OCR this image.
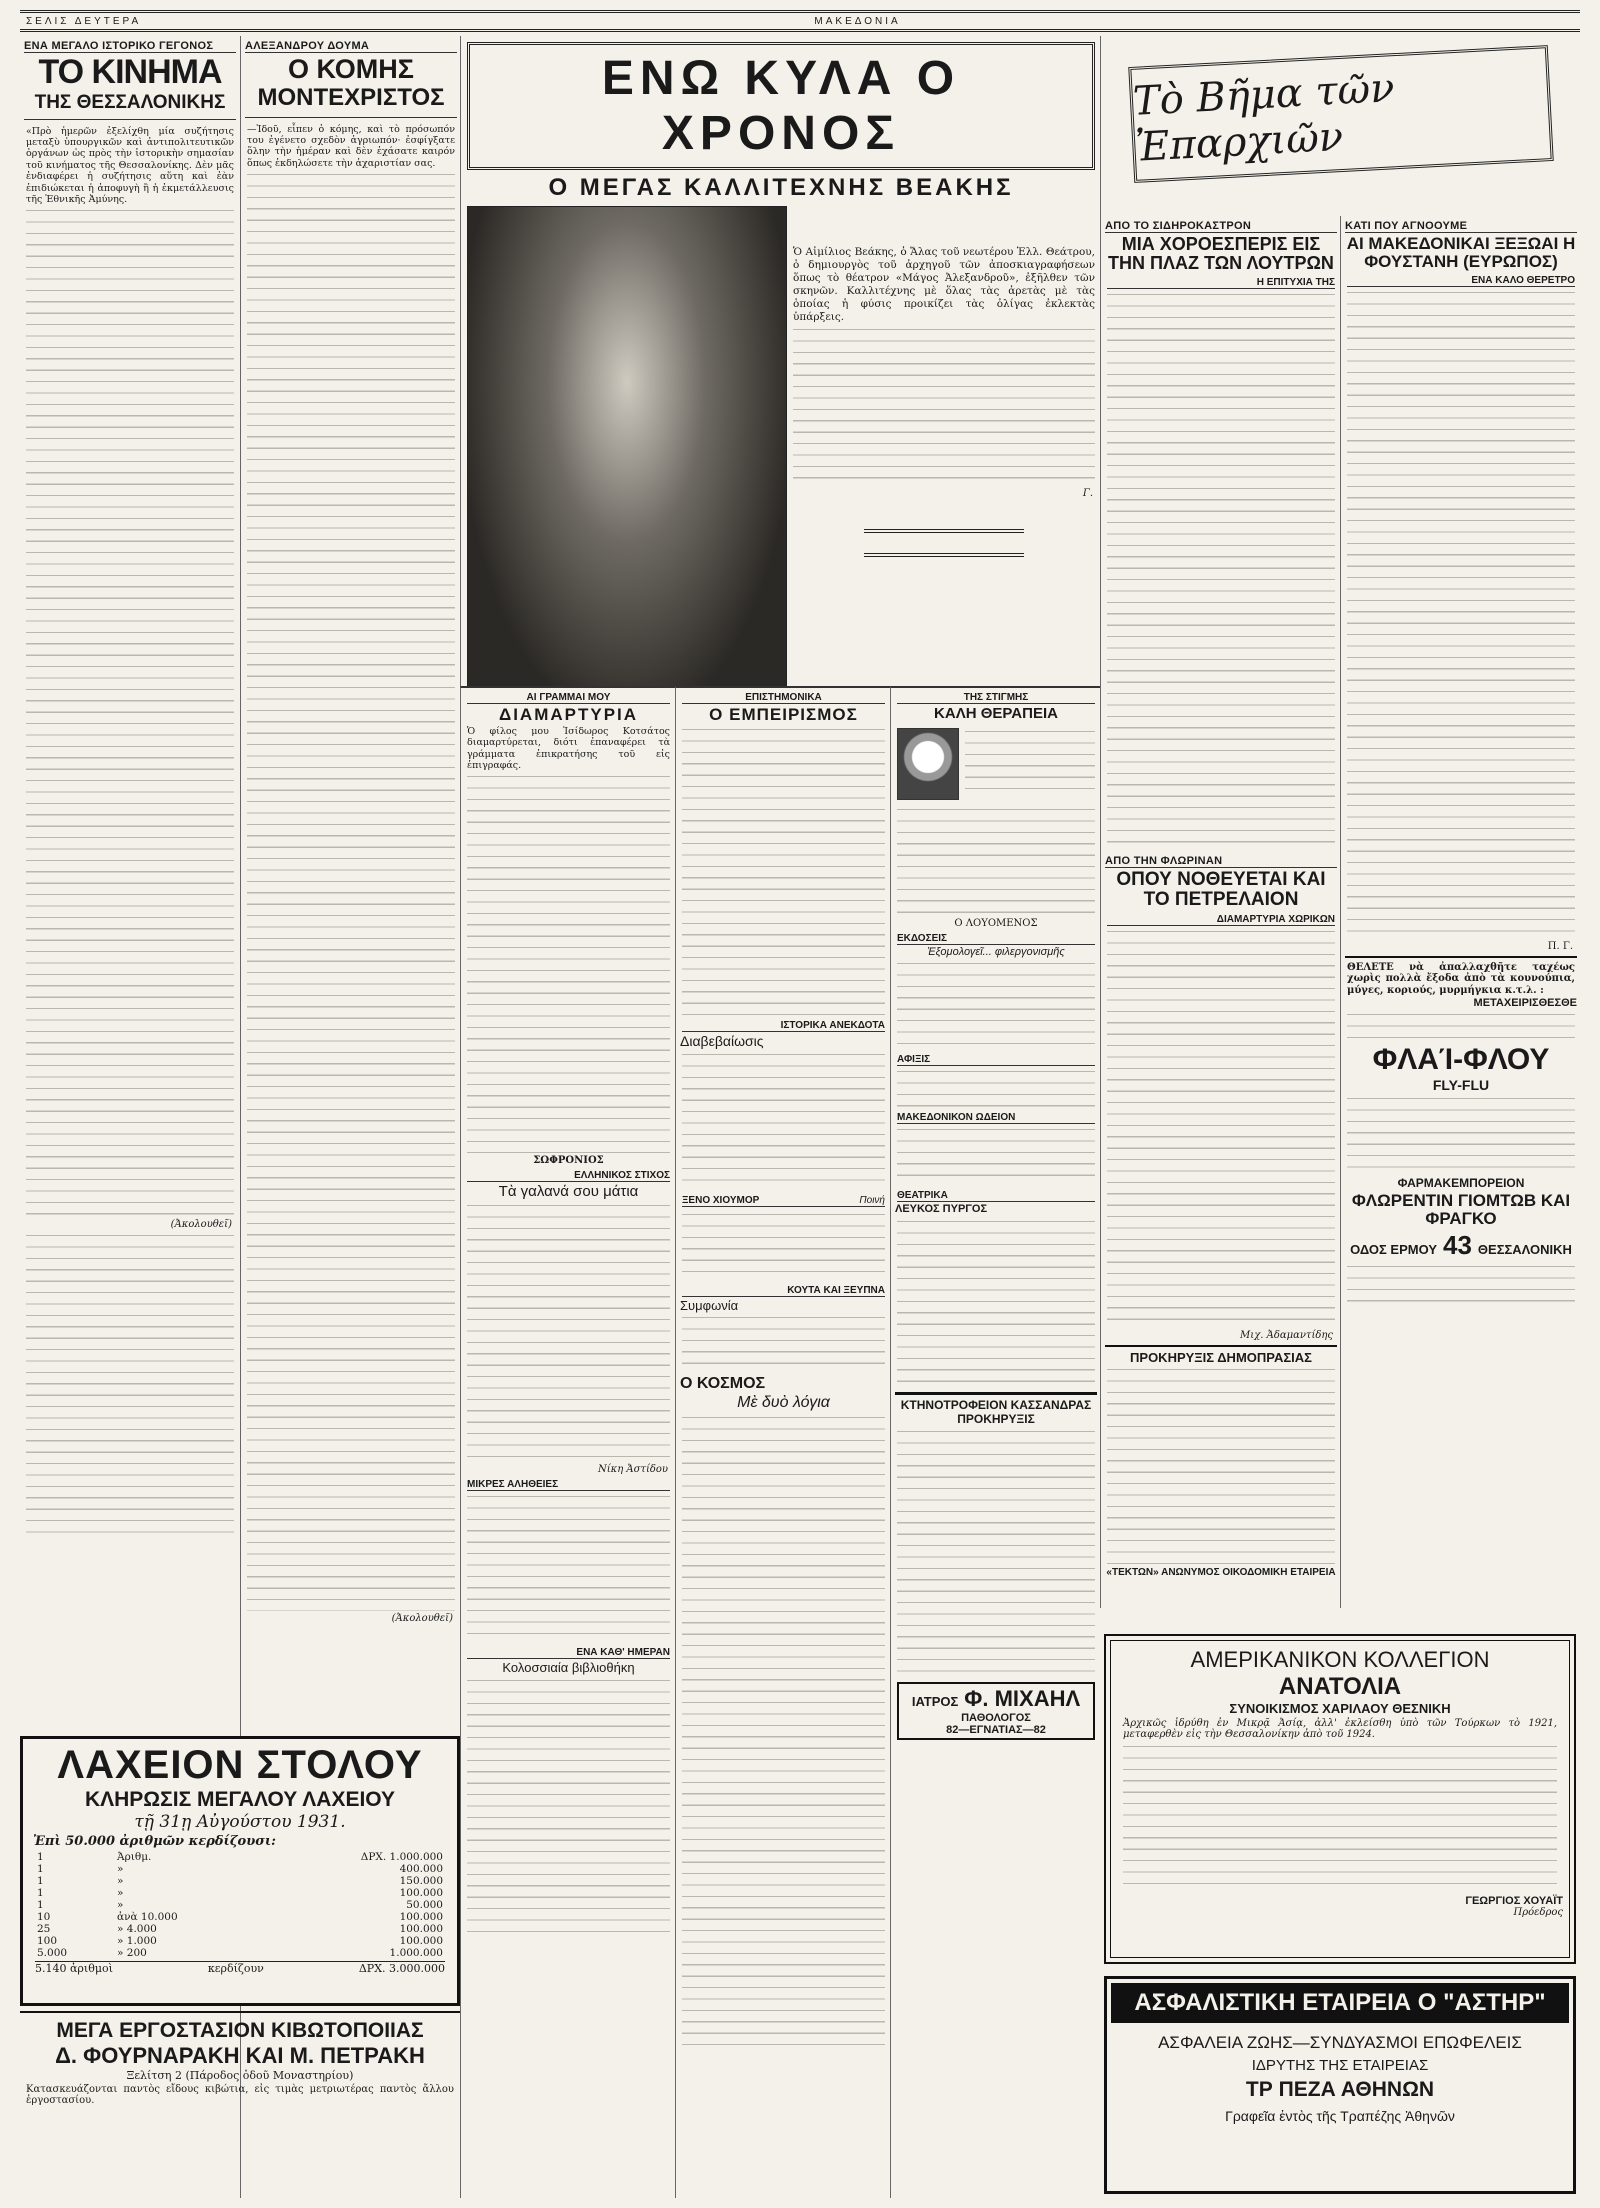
ΣΕΛΙΣ ΔΕΥΤΕΡΑ	ΜΑΚΕΔΟΝΙΑ
ΕΝΑ ΜΕΓΑΛΟ ΙΣΤΟΡΙΚΟ ΓΕΓΟΝΟΣ
ΤΟ ΚΙΝΗΜΑ
ΤΗΣ ΘΕΣΣΑΛΟΝΙΚΗΣ
«Πρὸ ἡμερῶν ἐξελίχθη μία συζήτησις μεταξὺ ὑπουργικῶν καὶ ἀντιπολιτευτικῶν ὀργάνων ὡς πρὸς τὴν ἱστορικὴν σημασίαν τοῦ κινήματος τῆς Θεσσαλονίκης. Δὲν μᾶς ἐνδιαφέρει ἡ συζήτησις αὕτη καὶ ἐὰν ἐπιδιώκεται ἡ ἀποφυγὴ ἢ ἡ ἐκμετάλλευσις τῆς Ἐθνικῆς Ἀμύνης.
(Ἀκολουθεῖ)
ΑΛΕΞΑΝΔΡΟΥ ΔΟΥΜΑ
Ο ΚΟΜΗΣ
ΜΟΝΤΕΧΡΙΣΤΟΣ
—Ἰδοῦ, εἶπεν ὁ κόμης, καὶ τὸ πρόσωπόν του ἐγένετο σχεδὸν ἀγριωπόν· ἐσφίγξατε ὅλην τὴν ἡμέραν καὶ δὲν ἐχάσατε καιρόν ὅπως ἐκδηλώσετε τὴν ἀχαριστίαν σας.
(Ἀκολουθεῖ)
ΛΑΧΕΙΟΝ ΣΤΟΛΟΥ
ΚΛΗΡΩΣΙΣ ΜΕΓΑΛΟΥ ΛΑΧΕΙΟΥ
τῇ 31ῃ Αὐγούστου 1931.
Ἐπὶ 50.000 ἀριθμῶν κερδίζουσι:
1	Ἀριθμ.	ΔΡΧ. 1.000.000
1	»	400.000
1	»	150.000
1	»	100.000
1	»	50.000
10	ἀνὰ 10.000	100.000
25	» 4.000	100.000
100	» 1.000	100.000
5.000	» 200	1.000.000
5.140 ἀριθμοὶ	κερδίζουν	ΔΡΧ. 3.000.000
ΜΕΓΑ ΕΡΓΟΣΤΑΣΙΟΝ ΚΙΒΩΤΟΠΟΙΙΑΣ
Δ. ΦΟΥΡΝΑΡΑΚΗ ΚΑΙ Μ. ΠΕΤΡΑΚΗ
Ξελίτση 2 (Πάροδος ὁδοῦ Μοναστηρίου)
Κατασκευάζονται παντὸς εἴδους κιβώτια, εἰς τιμὰς μετριωτέρας παντὸς ἄλλου ἐργοστασίου.
ΕΝΩ ΚΥΛΑ Ο ΧΡΟΝΟΣ
Ο ΜΕΓΑΣ ΚΑΛΛΙΤΕΧΝΗΣ ΒΕΑΚΗΣ
Ὁ Αἰμίλιος Βεάκης, ὁ Ἄλας τοῦ νεωτέρου Ἑλλ. Θεάτρου, ὁ δημιουργὸς τοῦ ἀρχηγοῦ τῶν ἀποσκιαγραφήσεων ὅπως τὸ θέατρον «Μάγος Ἀλεξανδροῦ», ἐξῆλθεν τῶν σκηνῶν. Καλλιτέχνης μὲ ὅλας τὰς ἀρετὰς μὲ τὰς ὁποίας ἡ φύσις προικίζει τὰς ὀλίγας ἐκλεκτὰς ὑπάρξεις.
Γ.
ΑΙ ΓΡΑΜΜΑΙ ΜΟΥ
ΔΙΑΜΑΡΤΥΡΙΑ
Ὁ φίλος μου Ἰσίδωρος Κοτσάτος διαμαρτύρεται, διότι ἐπαναφέρει τὰ γράμματα ἐπικρατήσης τοῦ εἰς ἐπιγραφάς.
ΣΩΦΡΟΝΙΟΣ
ΕΛΛΗΝΙΚΟΣ ΣΤΙΧΟΣ
Τὰ γαλανά σου μάτια
Νίκη Ἀστίδου
ΜΙΚΡΕΣ ΑΛΗΘΕΙΕΣ
ΕΝΑ ΚΑΘ' ΗΜΕΡΑΝ
Κολοσσιαία βιβλιοθήκη
ΕΠΙΣΤΗΜΟΝΙΚΑ
Ο ΕΜΠΕΙΡΙΣΜΟΣ
ΙΣΤΟΡΙΚΑ ΑΝΕΚΔΟΤΑ
Διαβεβαίωσις
ΞΕΝΟ ΧΙΟΥΜΟΡ	Ποινή
ΚΟΥΤΑ ΚΑΙ ΞΕΥΠΝΑ
Συμφωνία
Ο ΚΟΣΜΟΣ
Μὲ δυὸ λόγια
ΤΗΣ ΣΤΙΓΜΗΣ
ΚΑΛΗ ΘΕΡΑΠΕΙΑ
Ο ΛΟΥΟΜΕΝΟΣ
ΕΚΔΟΣΕΙΣ
Ἐξομολογεῖ... φιλεργονισμῆς
ΑΦΙΞΙΣ
ΜΑΚΕΔΟΝΙΚΟΝ ΩΔΕΙΟΝ
ΘΕΑΤΡΙΚΑ
ΛΕΥΚΟΣ ΠΥΡΓΟΣ
ΚΤΗΝΟΤΡΟΦΕΙΟΝ ΚΑΣΣΑΝΔΡΑΣ
ΠΡΟΚΗΡΥΞΙΣ
ΙΑΤΡΟΣ Φ. ΜΙΧΑΗΛ
ΠΑΘΟΛΟΓΟΣ
82—ΕΓΝΑΤΙΑΣ—82
Τὸ Βῆμα τῶν Ἐπαρχιῶν
ΑΠΟ ΤΟ ΣΙΔΗΡΟΚΑΣΤΡΟΝ
ΜΙΑ ΧΟΡΟΕΣΠΕΡΙΣ ΕΙΣ ΤΗΝ ΠΛΑΖ ΤΩΝ ΛΟΥΤΡΩΝ
Η ΕΠΙΤΥΧΙΑ ΤΗΣ
ΑΠΟ ΤΗΝ ΦΛΩΡΙΝΑΝ
ΟΠΟΥ ΝΟΘΕΥΕΤΑΙ ΚΑΙ ΤΟ ΠΕΤΡΕΛΑΙΟΝ
ΔΙΑΜΑΡΤΥΡΙΑ ΧΩΡΙΚΩΝ
Μιχ. Ἀδαμαντίδης
ΠΡΟΚΗΡΥΞΙΣ ΔΗΜΟΠΡΑΣΙΑΣ
«ΤΕΚΤΩΝ» ΑΝΩΝΥΜΟΣ ΟΙΚΟΔΟΜΙΚΗ ΕΤΑΙΡΕΙΑ
ΚΑΤΙ ΠΟΥ ΑΓΝΟΟΥΜΕ
ΑΙ ΜΑΚΕΔΟΝΙΚΑΙ ΞΕΞΩΑΙ Η ΦΟΥΣΤΑΝΗ (ΕΥΡΩΠΟΣ)
ΕΝΑ ΚΑΛΟ ΘΕΡΕΤΡΟ
Π. Γ.
ΘΕΛΕΤΕ νὰ ἀπαλλαχθῆτε ταχέως χωρὶς πολλὰ ἔξοδα ἀπὸ τὰ κουνούπια, μύγες, κοριούς, μυρμήγκια κ.τ.λ. :
ΜΕΤΑΧΕΙΡΙΣΘΕΣΘΕ
ΦΛΑΊ-ΦΛΟΥ
FLY-FLU
ΦΑΡΜΑΚΕΜΠΟΡΕΙΟΝ
ΦΛΩΡΕΝΤΙΝ ΓΙΟΜΤΩΒ ΚΑΙ ΦΡΑΓΚΟ
ΟΔΟΣ ΕΡΜΟΥ 43 ΘΕΣΣΑΛΟΝΙΚΗ
ΑΜΕΡΙΚΑΝΙΚΟΝ ΚΟΛΛΕΓΙΟΝ
ΑΝΑΤΟΛΙΑ
ΣΥΝΟΙΚΙΣΜΟΣ ΧΑΡΙΛΑΟΥ ΘΕΣΝΙΚΗ
Ἀρχικῶς ἱδρύθη ἐν Μικρᾷ Ἀσίᾳ, ἀλλ' ἐκλείσθη ὑπὸ τῶν Τούρκων τὸ 1921, μεταφερθὲν εἰς τὴν Θεσσαλονίκην ἀπὸ τοῦ 1924.
ΓΕΩΡΓΙΟΣ ΧΟΥΑΪΤ
Πρόεδρος
ΑΣΦΑΛΙΣΤΙΚΗ ΕΤΑΙΡΕΙΑ Ο "ΑΣΤΗΡ"
ΑΣΦΑΛΕΙΑ ΖΩΗΣ—ΣΥΝΔΥΑΣΜΟΙ ΕΠΩΦΕΛΕΙΣ
ΙΔΡΥΤΗΣ ΤΗΣ ΕΤΑΙΡΕΙΑΣ
ΤΡ ΠΕΖΑ ΑΘΗΝΩΝ
Γραφεῖα ἐντὸς τῆς Τραπέζης Ἀθηνῶν
